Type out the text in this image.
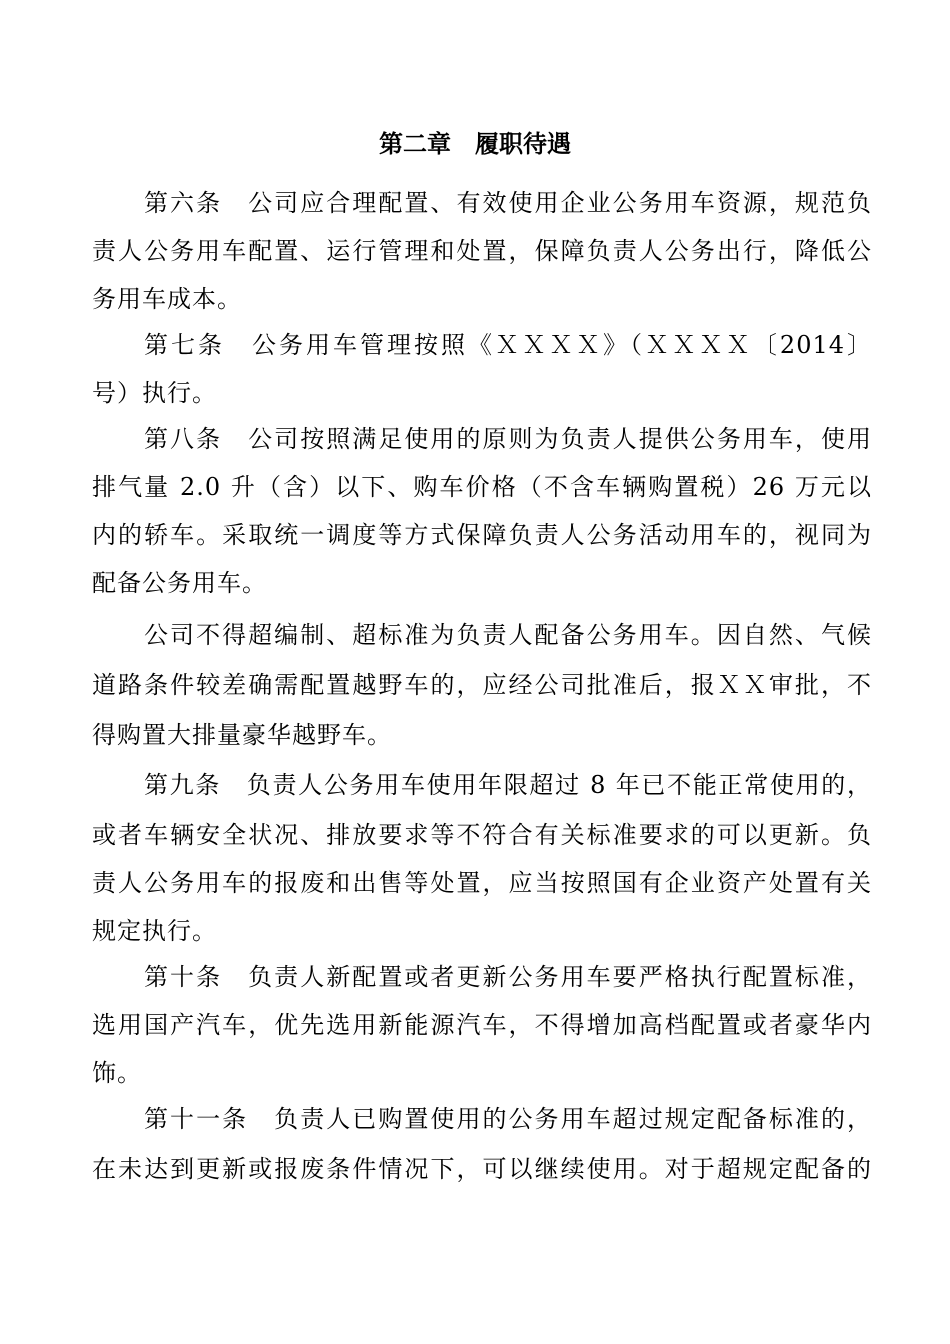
第二章　履职待遇
第六条　公司应合理配置、有效使用企业公务用车资源，规范负
责人公务用车配置、运行管理和处置，保障负责人公务出行，降低公
务用车成本。
第七条　公务用车管理按照《ＸＸＸＸ》（ＸＸＸＸ〔2014〕
号）执行。
第八条　公司按照满足使用的原则为负责人提供公务用车，使用
排气量 2.0 升（含）以下、购车价格（不含车辆购置税）26 万元以
内的轿车。采取统一调度等方式保障负责人公务活动用车的，视同为
配备公务用车。
公司不得超编制、超标准为负责人配备公务用车。因自然、气候
道路条件较差确需配置越野车的，应经公司批准后，报ＸＸ审批，不
得购置大排量豪华越野车。
第九条　负责人公务用车使用年限超过 8 年已不能正常使用的，
或者车辆安全状况、排放要求等不符合有关标准要求的可以更新。负
责人公务用车的报废和出售等处置，应当按照国有企业资产处置有关
规定执行。
第十条　负责人新配置或者更新公务用车要严格执行配置标准，
选用国产汽车，优先选用新能源汽车，不得增加高档配置或者豪华内
饰。
第十一条　负责人已购置使用的公务用车超过规定配备标准的，
在未达到更新或报废条件情况下，可以继续使用。对于超规定配备的
